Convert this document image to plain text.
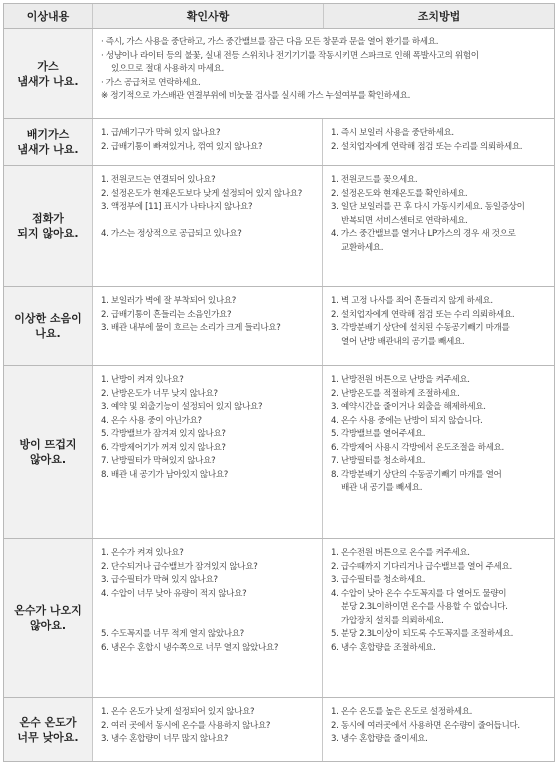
이상내용	확인사항	조치방법
가스
냄새가 나요.
· 즉시, 가스 사용을 중단하고, 가스 중간밸브를 잠근 다음 모든 창문과 문을 열어 환기를 하세요.
· 성냥이나 라이터 등의 불꽃, 실내 전등 스위치나 전기기기를 작동시키면 스파크로 인해 폭발사고의 위험이
있으므로 절대 사용하지 마세요.
· 가스 공급처로 연락하세요.
※ 정기적으로 가스배관 연결부위에 비눗물 검사를 실시해 가스 누설여부를 확인하세요.
배기가스
냄새가 나요.
1. 급/배기구가 막혀 있지 않나요?
2. 급배기통이 빠져있거나, 꺾여 있지 않나요?
1. 즉시 보일러 사용을 중단하세요.
2. 설치업자에게 연락해 점검 또는 수리를 의뢰하세요.
점화가
되지 않아요.
1. 전원코드는 연결되어 있나요?
2. 설정온도가 현재온도보다 낮게 설정되어 있지 않나요?
3. 액정부에 [11] 표시가 나타나지 않나요?
4. 가스는 정상적으로 공급되고 있나요?
1. 전원코드를 꽂으세요.
2. 설정온도와 현재온도를 확인하세요.
3. 일단 보일러를 끈 후 다시 가동시키세요. 동일증상이
반복되면 서비스센터로 연락하세요.
4. 가스 중간밸브를 열거나 LP가스의 경우 새 것으로
교환하세요.
이상한 소음이
나요.
1. 보일러가 벽에 잘 부착되어 있나요?
2. 급배기통이 흔들리는 소음인가요?
3. 배관 내부에 물이 흐르는 소리가 크게 들리나요?
1. 벽 고정 나사를 죄어 흔들리지 않게 하세요.
2. 설치업자에게 연락해 점검 또는 수리 의뢰하세요.
3. 각방분배기 상단에 설치된 수동공기빼기 마개를
열어 난방 배관내의 공기를 빼세요.
방이 뜨겁지
않아요.
1. 난방이 켜져 있나요?
2. 난방온도가 너무 낮지 않나요?
3. 예약 및 외출기능이 설정되어 있지 않나요?
4. 온수 사용 중이 아닌가요?
5. 각방밸브가 잠겨져 있지 않나요?
6. 각방제어기가 꺼져 있지 않나요?
7. 난방필터가 막혀있지 않나요?
8. 배관 내 공기가 남아있지 않나요?
1. 난방전원 버튼으로 난방을 켜주세요.
2. 난방온도를 적절하게 조절하세요.
3. 예약시간을 줄이거나 외출을 해제하세요.
4. 온수 사용 중에는 난방이 되지 않습니다.
5. 각방밸브를 열어주세요.
6. 각방제어 사용시 각방에서 온도조절을 하세요.
7. 난방필터를 청소하세요.
8. 각방분배기 상단의 수동공기빼기 마개를 열어
배관 내 공기를 빼세요.
온수가 나오지
않아요.
1. 온수가 켜져 있나요?
2. 단수되거나 급수밸브가 잠겨있지 않나요?
3. 급수필터가 막혀 있지 않나요?
4. 수압이 너무 낮아 유량이 적지 않나요?
5. 수도꼭지를 너무 적게 열지 않았나요?
6. 냉온수 혼합시 냉수쪽으로 너무 열지 않았나요?
1. 온수전원 버튼으로 온수를 켜주세요.
2. 급수때까지 기다리거나 급수밸브를 열어 주세요.
3. 급수필터를 청소하세요.
4. 수압이 낮아 온수 수도꼭지를 다 열어도 물량이
분당 2.3L이하이면 온수를 사용할 수 없습니다.
가압장치 설치를 의뢰하세요.
5. 분당 2.3L이상이 되도록 수도꼭지를 조절하세요.
6. 냉수 혼합량을 조절하세요.
온수 온도가
너무 낮아요.
1. 온수 온도가 낮게 설정되어 있지 않나요?
2. 여러 곳에서 동시에 온수를 사용하지 않나요?
3. 냉수 혼합량이 너무 많지 않나요?
1. 온수 온도를 높은 온도로 설정하세요.
2. 동시에 여러곳에서 사용하면 온수량이 줄어듭니다.
3. 냉수 혼합량을 줄이세요.
